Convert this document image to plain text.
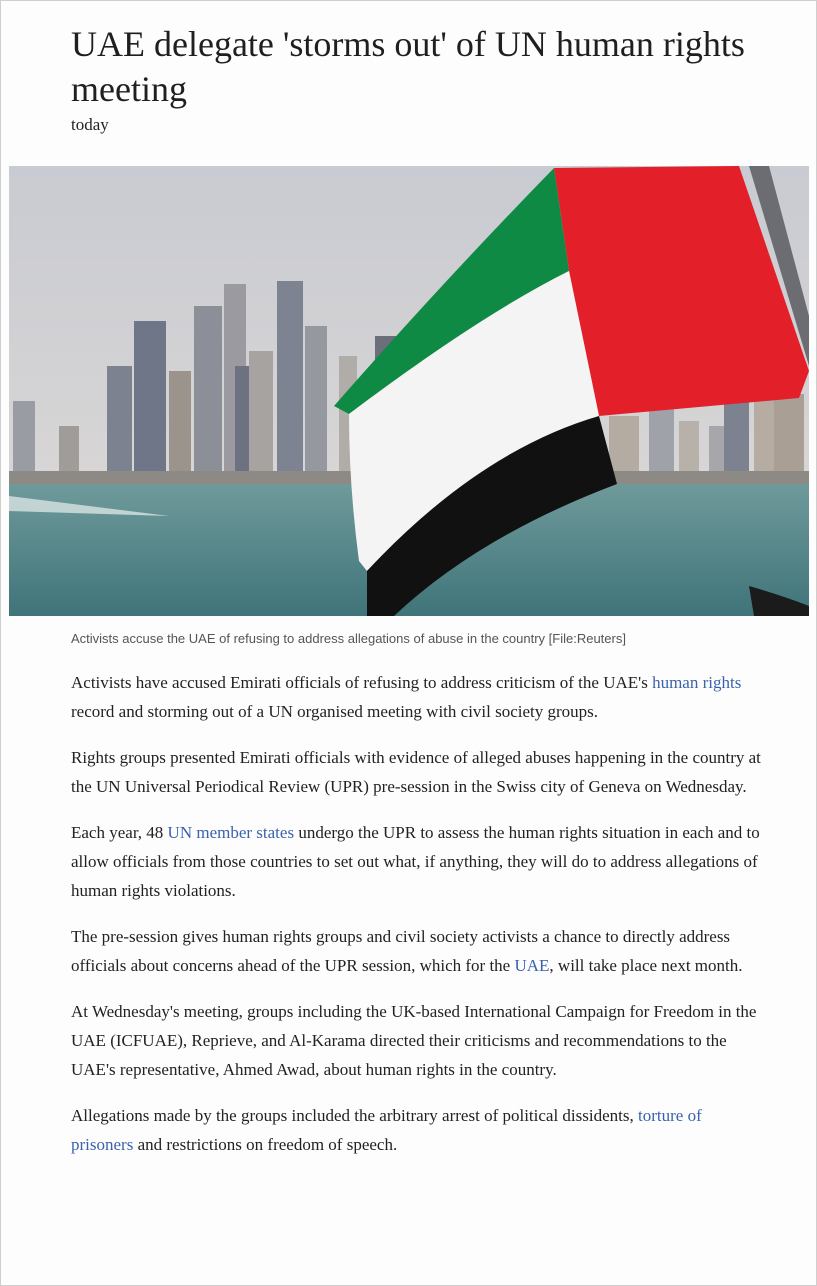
UAE delegate 'storms out' of UN human rights meeting
today
Activists accuse the UAE of refusing to address allegations of abuse in the country [File:Reuters]

Activists have accused Emirati officials of refusing to address criticism of the UAE's human rights record and storming out of a UN organised meeting with civil society groups.

Rights groups presented Emirati officials with evidence of alleged abuses happening in the country at the UN Universal Periodical Review (UPR) pre-session in the Swiss city of Geneva on Wednesday.

Each year, 48 UN member states undergo the UPR to assess the human rights situation in each and to allow officials from those countries to set out what, if anything, they will do to address allegations of human rights violations.

The pre-session gives human rights groups and civil society activists a chance to directly address officials about concerns ahead of the UPR session, which for the UAE, will take place next month.

At Wednesday's meeting, groups including the UK-based International Campaign for Freedom in the UAE (ICFUAE), Reprieve, and Al-Karama directed their criticisms and recommendations to the UAE's representative, Ahmed Awad, about human rights in the country.

Allegations made by the groups included the arbitrary arrest of political dissidents, torture of prisoners and restrictions on freedom of speech.
